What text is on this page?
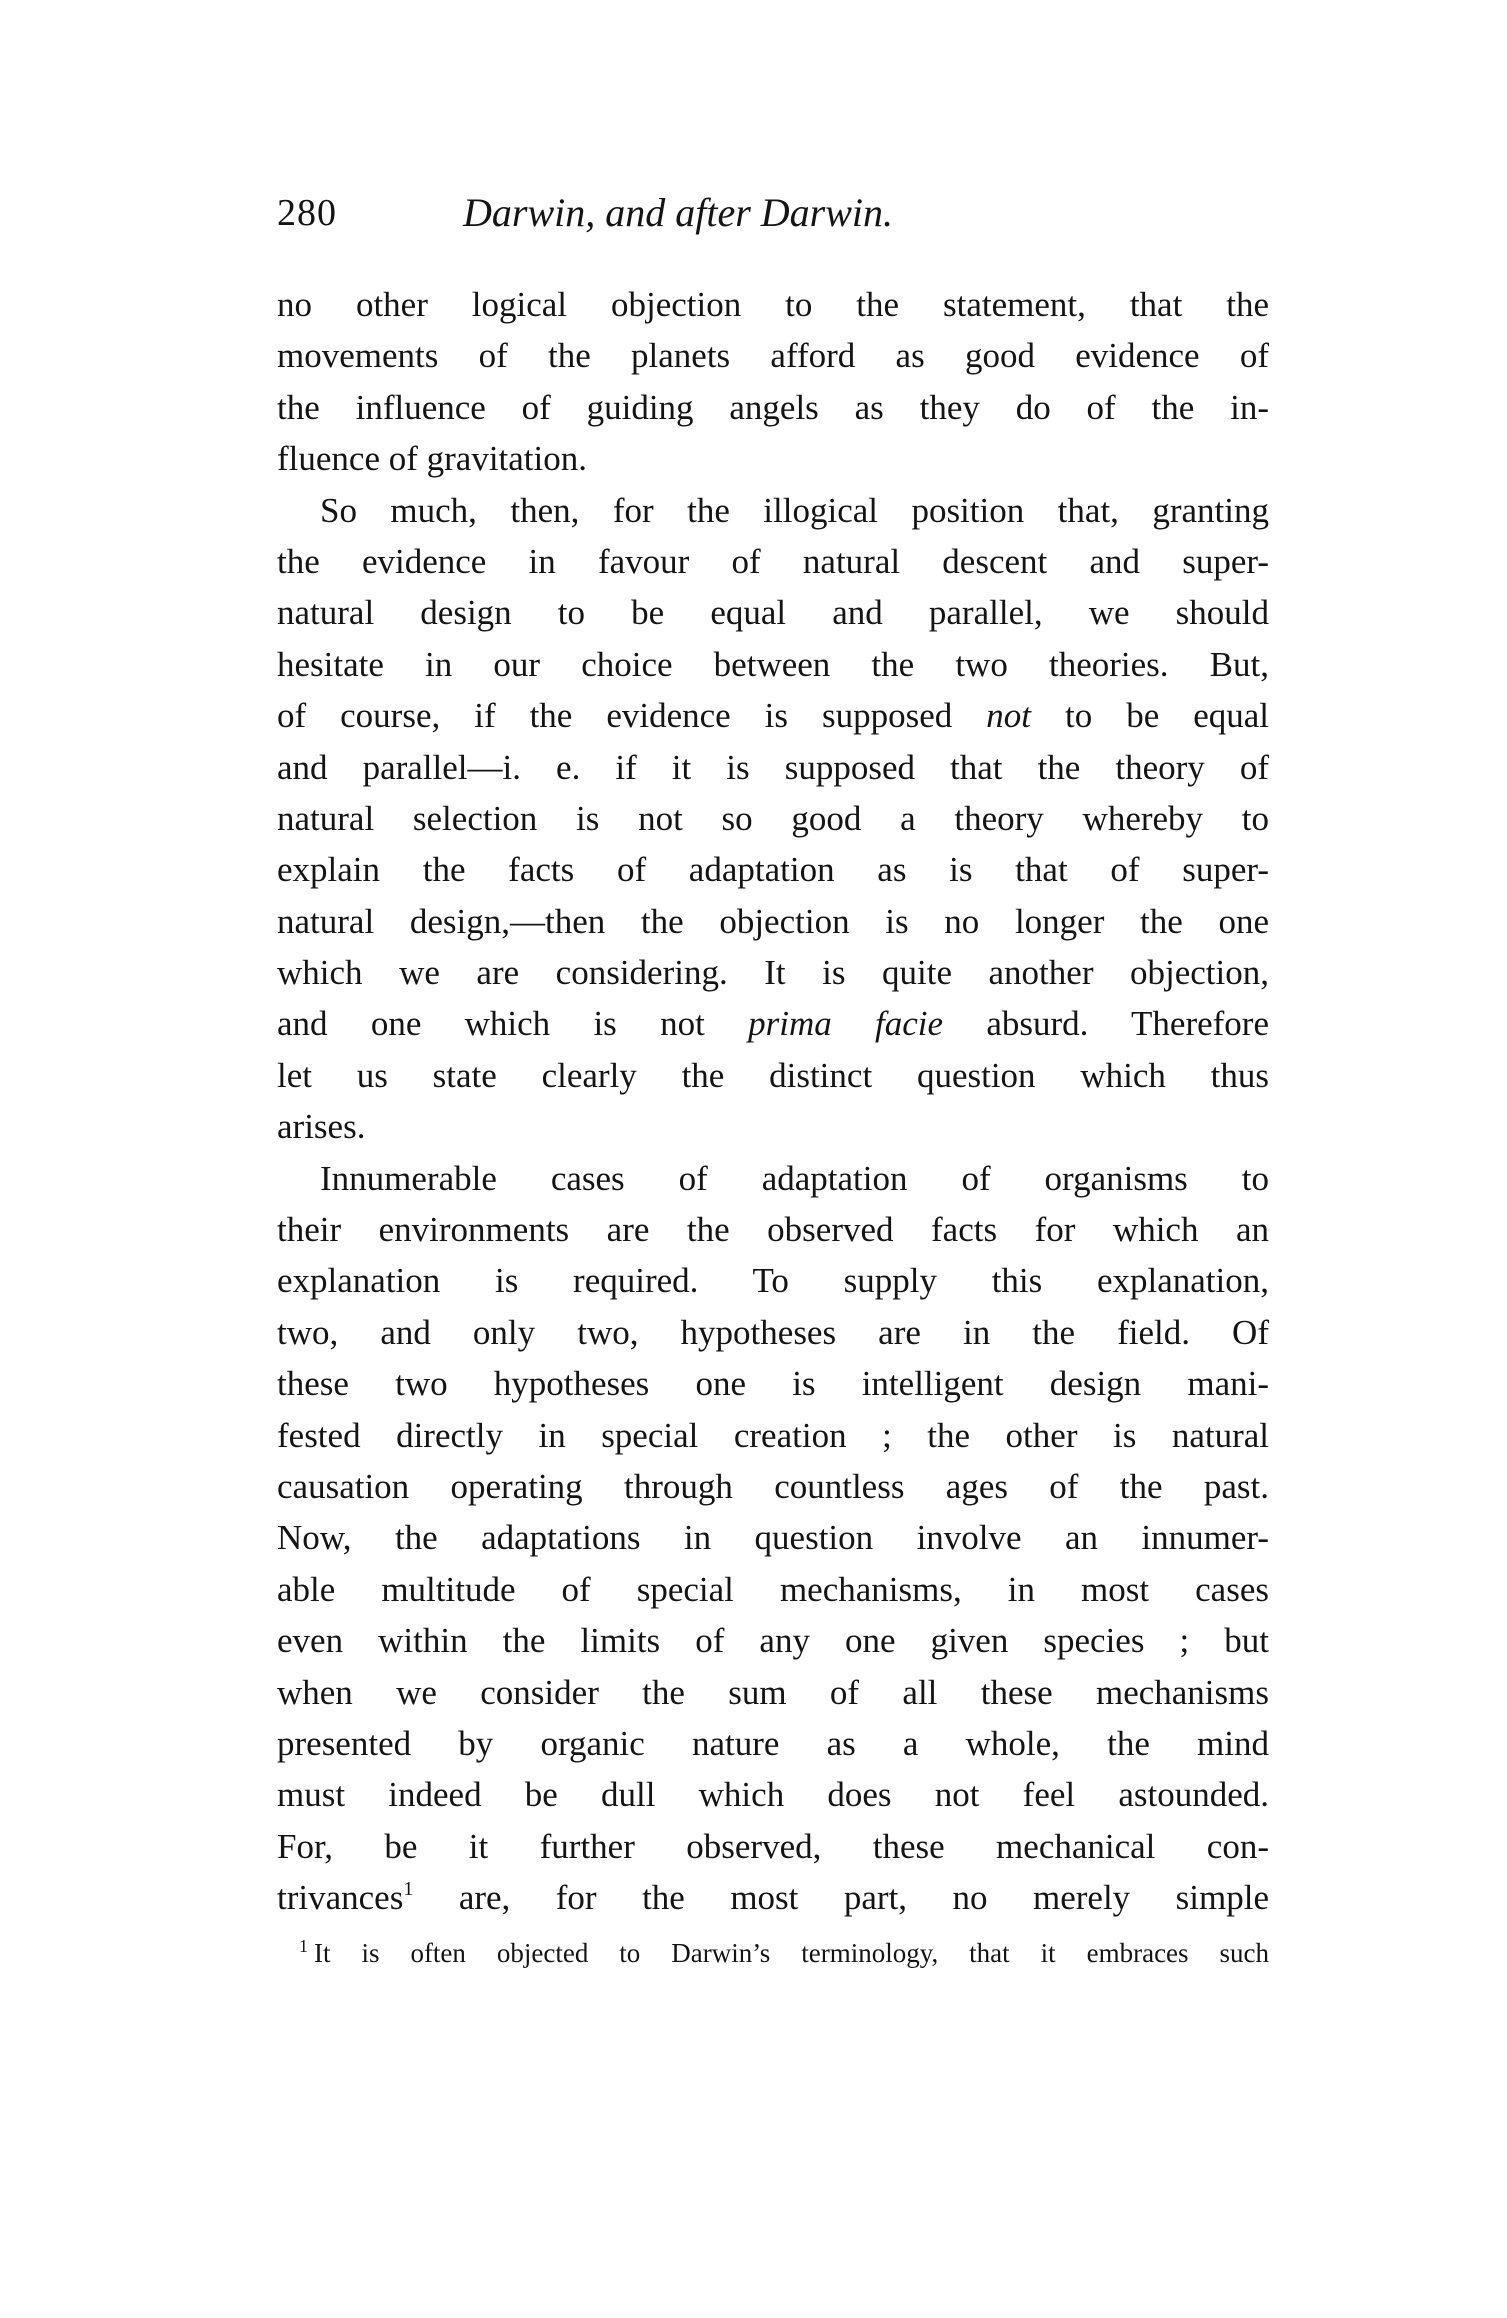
280	Darwin, and after Darwin.
no other logical objection to the statement, that the
movements of the planets afford as good evidence of
the influence of guiding angels as they do of the in-
fluence of gravitation.
So much, then, for the illogical position that, granting
the evidence in favour of natural descent and super-
natural design to be equal and parallel, we should
hesitate in our choice between the two theories. But,
of course, if the evidence is supposed not to be equal
and parallel—i. e. if it is supposed that the theory of
natural selection is not so good a theory whereby to
explain the facts of adaptation as is that of super-
natural design,—then the objection is no longer the one
which we are considering. It is quite another objection,
and one which is not prima facie absurd. Therefore
let us state clearly the distinct question which thus
arises.
Innumerable cases of adaptation of organisms to
their environments are the observed facts for which an
explanation is required. To supply this explanation,
two, and only two, hypotheses are in the field. Of
these two hypotheses one is intelligent design mani-
fested directly in special creation ; the other is natural
causation operating through countless ages of the past.
Now, the adaptations in question involve an innumer-
able multitude of special mechanisms, in most cases
even within the limits of any one given species ; but
when we consider the sum of all these mechanisms
presented by organic nature as a whole, the mind
must indeed be dull which does not feel astounded.
For, be it further observed, these mechanical con-
trivances$^1$ are, for the most part, no merely simple
$^1$ It is often objected to Darwin’s terminology, that it embraces such
